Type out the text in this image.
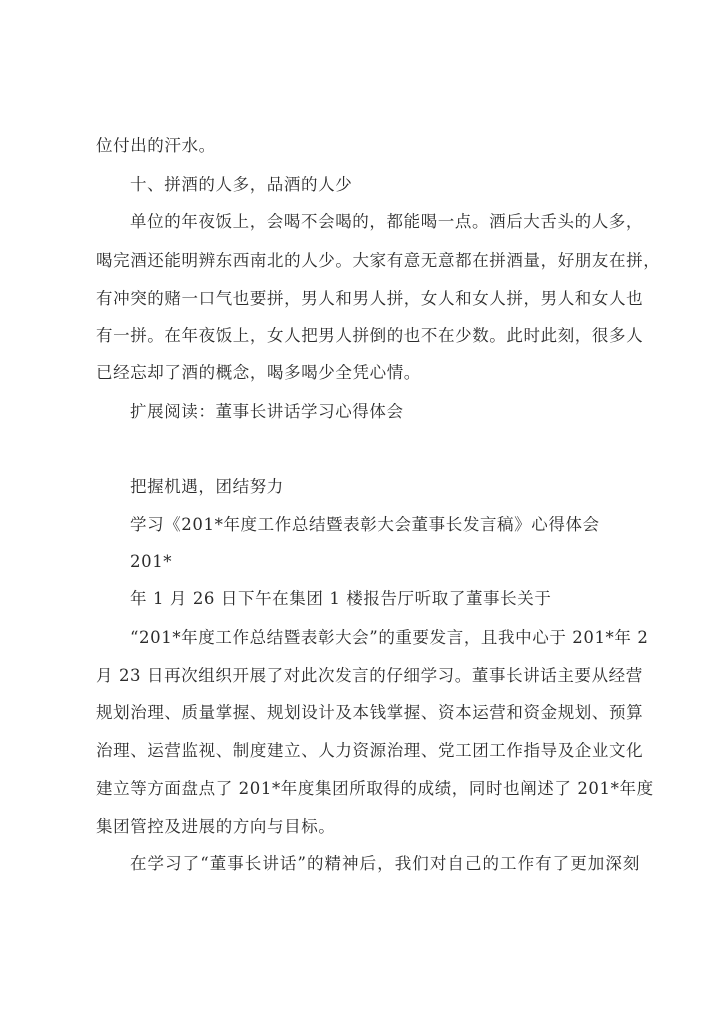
位付出的汗水。
十、拼酒的人多，品酒的人少
单位的年夜饭上，会喝不会喝的，都能喝一点。酒后大舌头的人多，
喝完酒还能明辨东西南北的人少。大家有意无意都在拼酒量，好朋友在拼，
有冲突的赌一口气也要拼，男人和男人拼，女人和女人拼，男人和女人也
有一拼。在年夜饭上，女人把男人拼倒的也不在少数。此时此刻，很多人
已经忘却了酒的概念，喝多喝少全凭心情。
扩展阅读：董事长讲话学习心得体会
把握机遇，团结努力
学习《201*年度工作总结暨表彰大会董事长发言稿》心得体会
201*
年 1 月 26 日下午在集团 1 楼报告厅听取了董事长关于
“201*年度工作总结暨表彰大会”的重要发言，且我中心于 201*年 2
月 23 日再次组织开展了对此次发言的仔细学习。董事长讲话主要从经营
规划治理、质量掌握、规划设计及本钱掌握、资本运营和资金规划、预算
治理、运营监视、制度建立、人力资源治理、党工团工作指导及企业文化
建立等方面盘点了 201*年度集团所取得的成绩，同时也阐述了 201*年度
集团管控及进展的方向与目标。
在学习了“董事长讲话”的精神后，我们对自己的工作有了更加深刻
